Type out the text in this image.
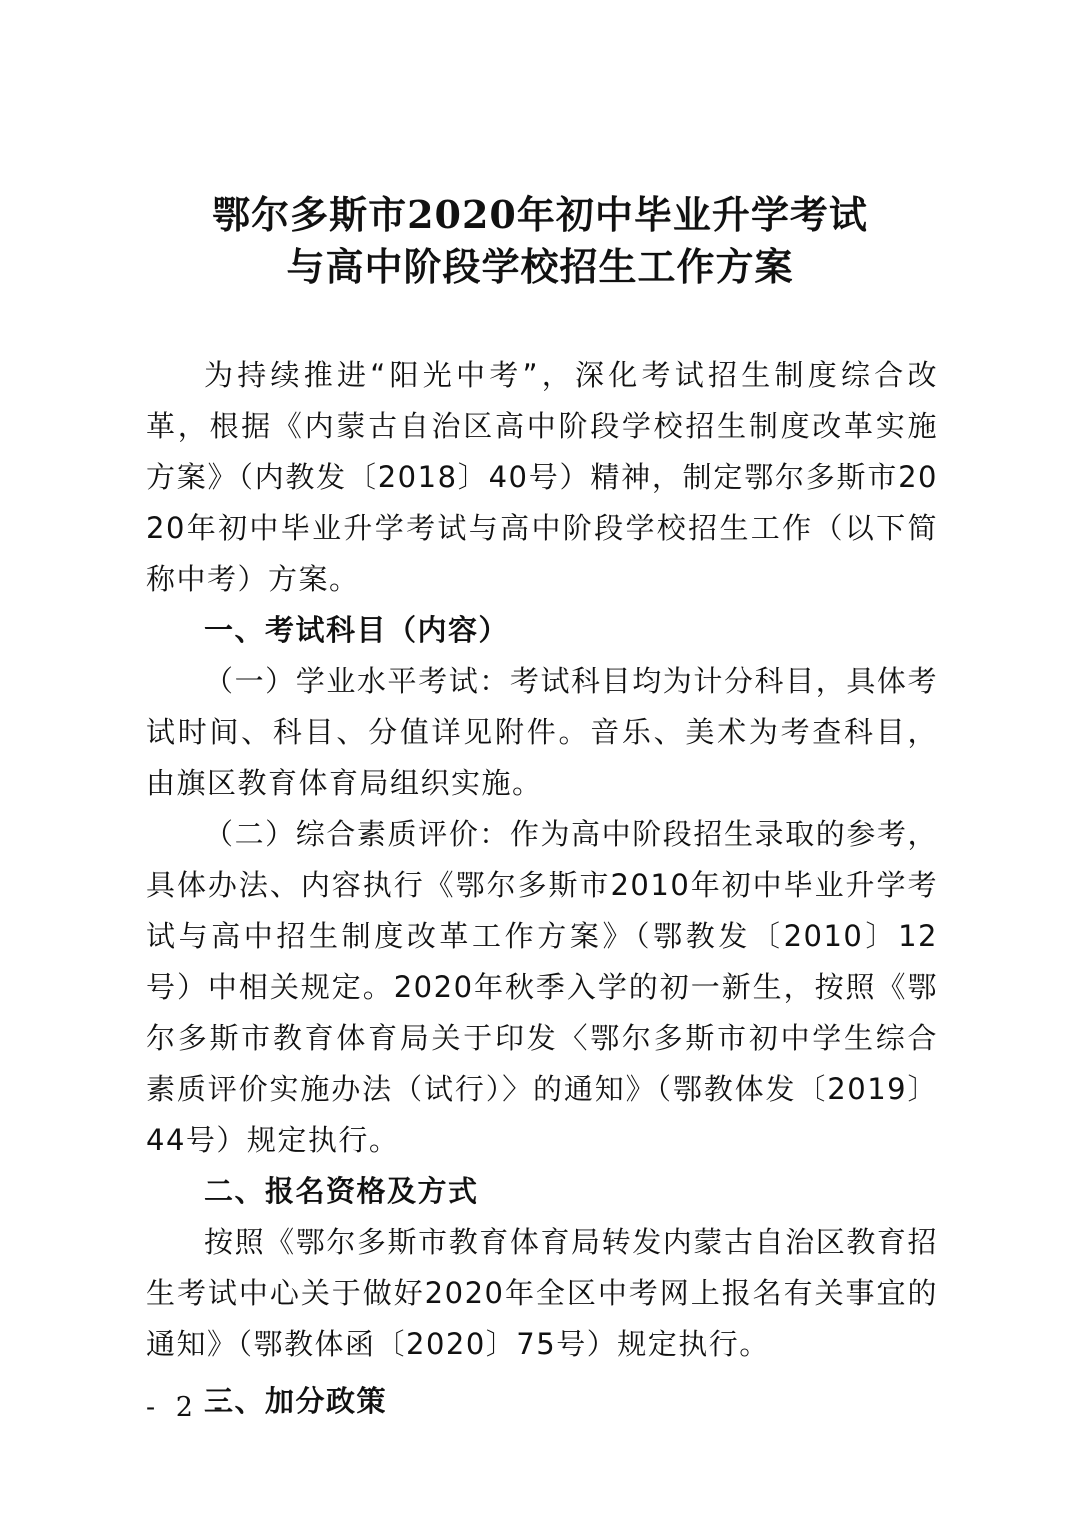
鄂尔多斯市2020年初中毕业升学考试
与高中阶段学校招生工作方案

为持续推进“阳光中考”，深化考试招生制度综合改革，根据《内蒙古自治区高中阶段学校招生制度改革实施方案》（内教发〔2018〕40号）精神，制定鄂尔多斯市2020年初中毕业升学考试与高中阶段学校招生工作（以下简称中考）方案。

一、考试科目（内容）

（一）学业水平考试：考试科目均为计分科目，具体考试时间、科目、分值详见附件。音乐、美术为考查科目，由旗区教育体育局组织实施。

（二）综合素质评价：作为高中阶段招生录取的参考，具体办法、内容执行《鄂尔多斯市2010年初中毕业升学考试与高中招生制度改革工作方案》（鄂教发〔2010〕12号）中相关规定。2020年秋季入学的初一新生，按照《鄂尔多斯市教育体育局关于印发〈鄂尔多斯市初中学生综合素质评价实施办法（试行）〉的通知》（鄂教体发〔2019〕44号）规定执行。

二、报名资格及方式

按照《鄂尔多斯市教育体育局转发内蒙古自治区教育招生考试中心关于做好2020年全区中考网上报名有关事宜的通知》（鄂教体函〔2020〕75号）规定执行。

三、加分政策

- 2 -
